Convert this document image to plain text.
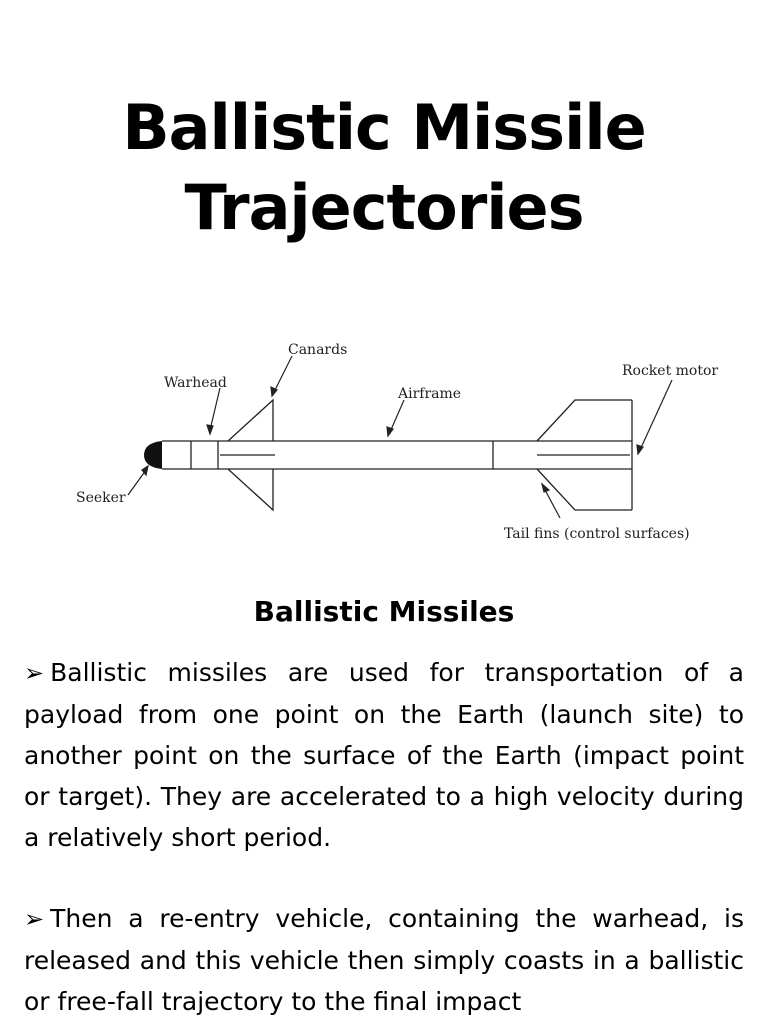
Ballistic Missile
Trajectories
Canards
Warhead
Airframe
Rocket motor
Seeker
Tail fins (control surfaces)
Ballistic Missiles

➢ Ballistic missiles are used for transportation of a payload from one point on the Earth (launch site) to another point on the surface of the Earth (impact point or target). They are accelerated to a high velocity during a relatively short period.

➢ Then a re-entry vehicle, containing the warhead, is released and this vehicle then simply coasts in a ballistic or free-fall trajectory to the final impact
